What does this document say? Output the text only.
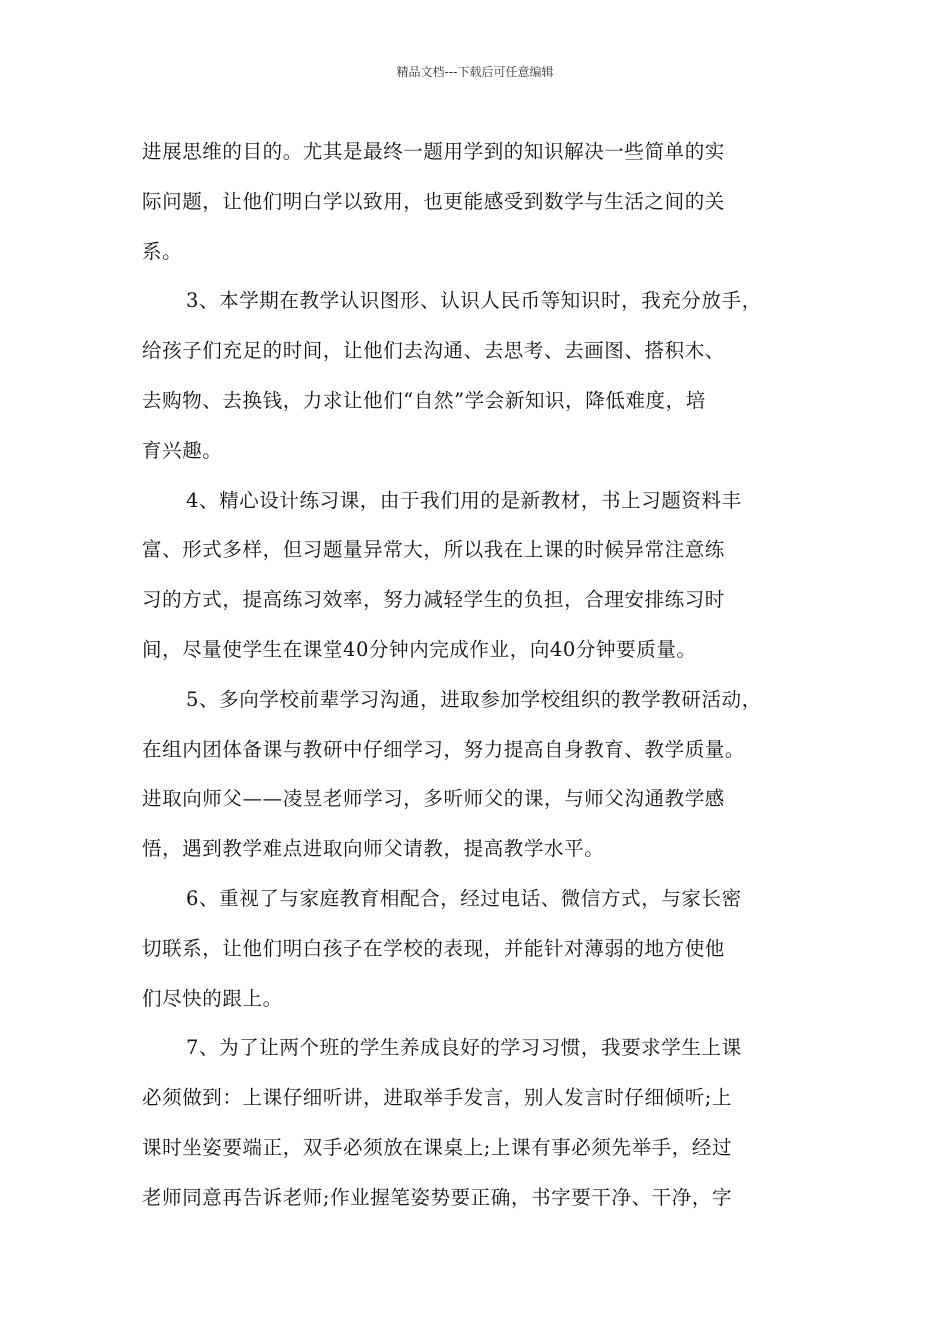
精品文档---下载后可任意编辑
进展思维的目的。尤其是最终一题用学到的知识解决一些简单的实
际问题，让他们明白学以致用，也更能感受到数学与生活之间的关
系。
3、本学期在教学认识图形、认识人民币等知识时，我充分放手，
给孩子们充足的时间，让他们去沟通、去思考、去画图、搭积木、
去购物、去换钱，力求让他们“自然”学会新知识，降低难度，培
育兴趣。
4、精心设计练习课，由于我们用的是新教材，书上习题资料丰
富、形式多样，但习题量异常大，所以我在上课的时候异常注意练
习的方式，提高练习效率，努力减轻学生的负担，合理安排练习时
间，尽量使学生在课堂40分钟内完成作业，向40分钟要质量。
5、多向学校前辈学习沟通，进取参加学校组织的教学教研活动，
在组内团体备课与教研中仔细学习，努力提高自身教育、教学质量。
进取向师父——凌昱老师学习，多听师父的课，与师父沟通教学感
悟，遇到教学难点进取向师父请教，提高教学水平。
6、重视了与家庭教育相配合，经过电话、微信方式，与家长密
切联系，让他们明白孩子在学校的表现，并能针对薄弱的地方使他
们尽快的跟上。
7、为了让两个班的学生养成良好的学习习惯，我要求学生上课
必须做到：上课仔细听讲，进取举手发言，别人发言时仔细倾听;上
课时坐姿要端正，双手必须放在课桌上;上课有事必须先举手，经过
老师同意再告诉老师;作业握笔姿势要正确，书字要干净、干净，字
